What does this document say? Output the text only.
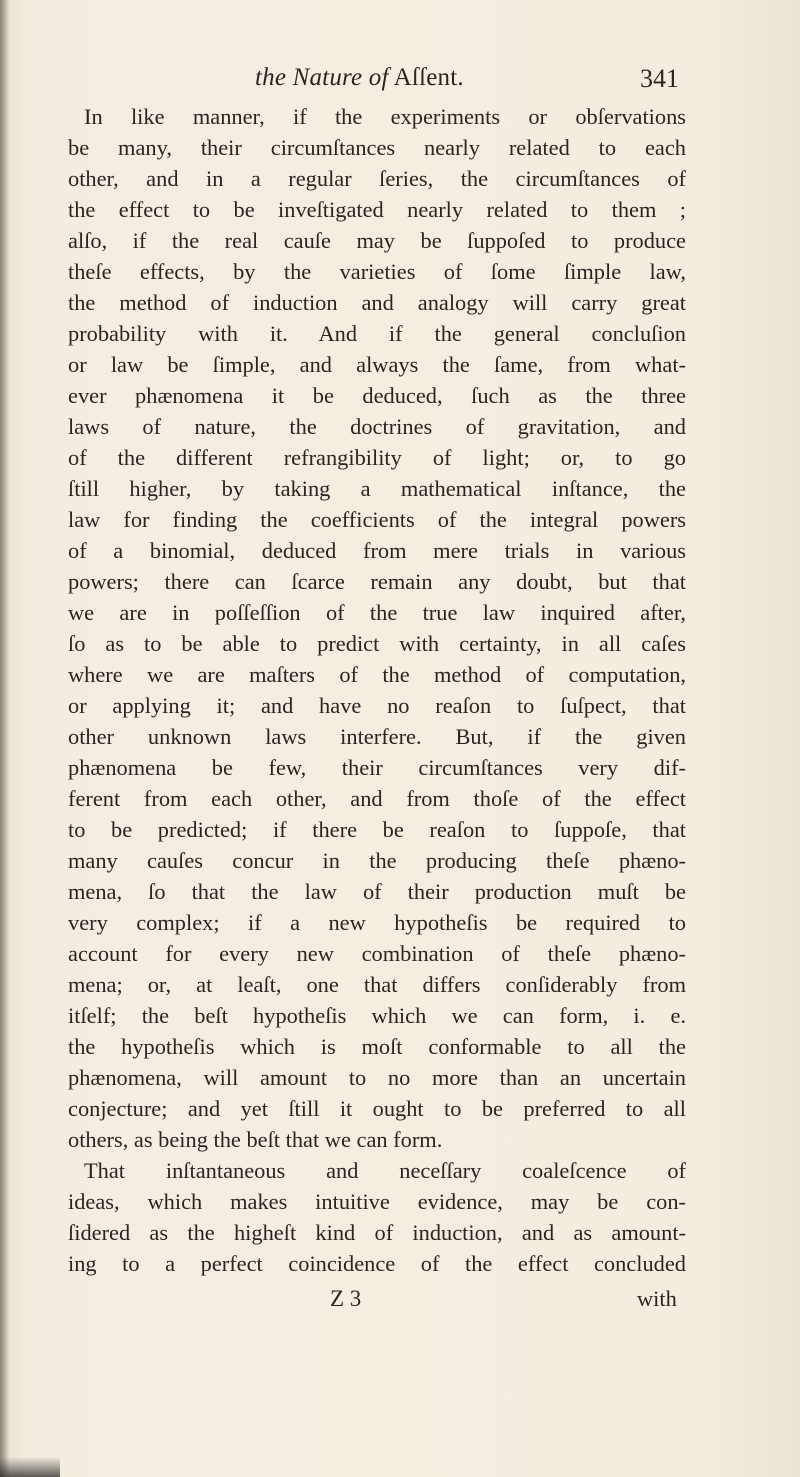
the Nature of Aſſent.	341
In like manner, if the experiments or obſervations
be many, their circumſtances nearly related to each
other, and in a regular ſeries, the circumſtances of
the effect to be inveſtigated nearly related to them ;
alſo, if the real cauſe may be ſuppoſed to produce
theſe effects, by the varieties of ſome ſimple law,
the method of induction and analogy will carry great
probability with it. And if the general concluſion
or law be ſimple, and always the ſame, from what-
ever phænomena it be deduced, ſuch as the three
laws of nature, the doctrines of gravitation, and
of the different refrangibility of light; or, to go
ſtill higher, by taking a mathematical inſtance, the
law for finding the coefficients of the integral powers
of a binomial, deduced from mere trials in various
powers; there can ſcarce remain any doubt, but that
we are in poſſeſſion of the true law inquired after,
ſo as to be able to predict with certainty, in all caſes
where we are maſters of the method of computation,
or applying it; and have no reaſon to ſuſpect, that
other unknown laws interfere. But, if the given
phænomena be few, their circumſtances very dif-
ferent from each other, and from thoſe of the effect
to be predicted; if there be reaſon to ſuppoſe, that
many cauſes concur in the producing theſe phæno-
mena, ſo that the law of their production muſt be
very complex; if a new hypotheſis be required to
account for every new combination of theſe phæno-
mena; or, at leaſt, one that differs conſiderably from
itſelf; the beſt hypotheſis which we can form, i. e.
the hypotheſis which is moſt conformable to all the
phænomena, will amount to no more than an uncertain
conjecture; and yet ſtill it ought to be preferred to all
others, as being the beſt that we can form.
That inſtantaneous and neceſſary coaleſcence of
ideas, which makes intuitive evidence, may be con-
ſidered as the higheſt kind of induction, and as amount-
ing to a perfect coincidence of the effect concluded
Z 3	with
